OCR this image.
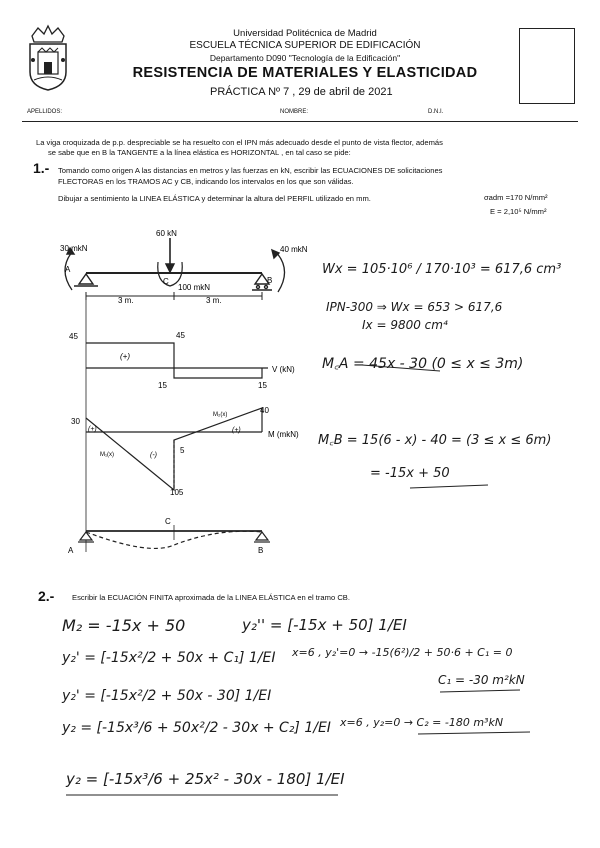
Universidad Politécnica de Madrid
ESCUELA TÉCNICA SUPERIOR DE EDIFICACIÓN
Departamento D090 "Tecnología de la Edificación"
RESISTENCIA DE MATERIALES Y ELASTICIDAD
PRÁCTICA Nº 7 , 29 de abril de 2021
APELLIDOS:	NOMBRE:	D.N.I.
La viga croquizada de p.p. despreciable se ha resuelto con el IPN más adecuado desde el punto de vista flector, además
se sabe que en B la TANGENTE a la línea elástica es HORIZONTAL , en tal caso se pide:
1.- Tomando como origen A las distancias en metros y las fuerzas en kN, escribir las ECUACIONES DE solicitaciones
FLECTORAS en los TRAMOS AC y CB, indicando los intervalos en los que son válidas.
Dibujar a sentimiento la LINEA ELÁSTICA y determinar la altura del PERFIL utilizado en mm.	σadm =170 N/mm²
E = 2,10⁵ N/mm²
30 mkN
60 kN
40 mkN
100 mkN
A
B
C
3 m.	3 m.
45	45
15	15
V (kN)
(+)
30
40
105
5
M (mkN)
M₁(x)
M₂(x)
(+)	(+)
(-)
A	B
C
Wx = 105·10⁶ / 170·10³ = 617,6 cm³
IPN-300 ⇒ Wx = 653 > 617,6
Ix = 9800 cm⁴
M꜀A = 45x - 30 (0 ≤ x ≤ 3m)
M꜀B = 15(6 - x) - 40 = (3 ≤ x ≤ 6m)
= -15x + 50
2.- Escribir la ECUACIÓN FINITA aproximada de la LINEA ELÁSTICA en el tramo CB.
M₂ = -15x + 50	y₂'' = [-15x + 50] 1/EI
y₂' = [-15x²/2 + 50x + C₁] 1/EI x=6 , y₂'=0 → -15(6²)/2 + 50·6 + C₁ = 0
C₁ = -30 m²kN
y₂' = [-15x²/2 + 50x - 30] 1/EI
y₂ = [-15x³/6 + 50x²/2 - 30x + C₂] 1/EI x=6 , y₂=0 → C₂ = -180 m³kN
y₂ = [-15x³/6 + 25x² - 30x - 180] 1/EI
